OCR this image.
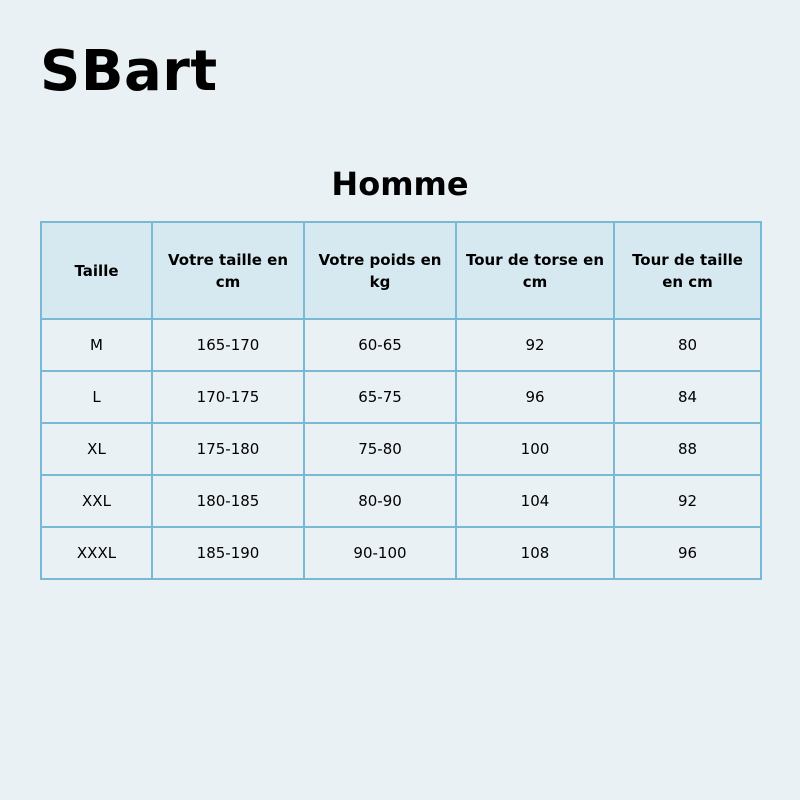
SBart
Homme
Taille	Votre taille en cm	Votre poids en kg	Tour de torse en cm	Tour de taille en cm
M	165-170	60-65	92	80
L	170-175	65-75	96	84
XL	175-180	75-80	100	88
XXL	180-185	80-90	104	92
XXXL	185-190	90-100	108	96
